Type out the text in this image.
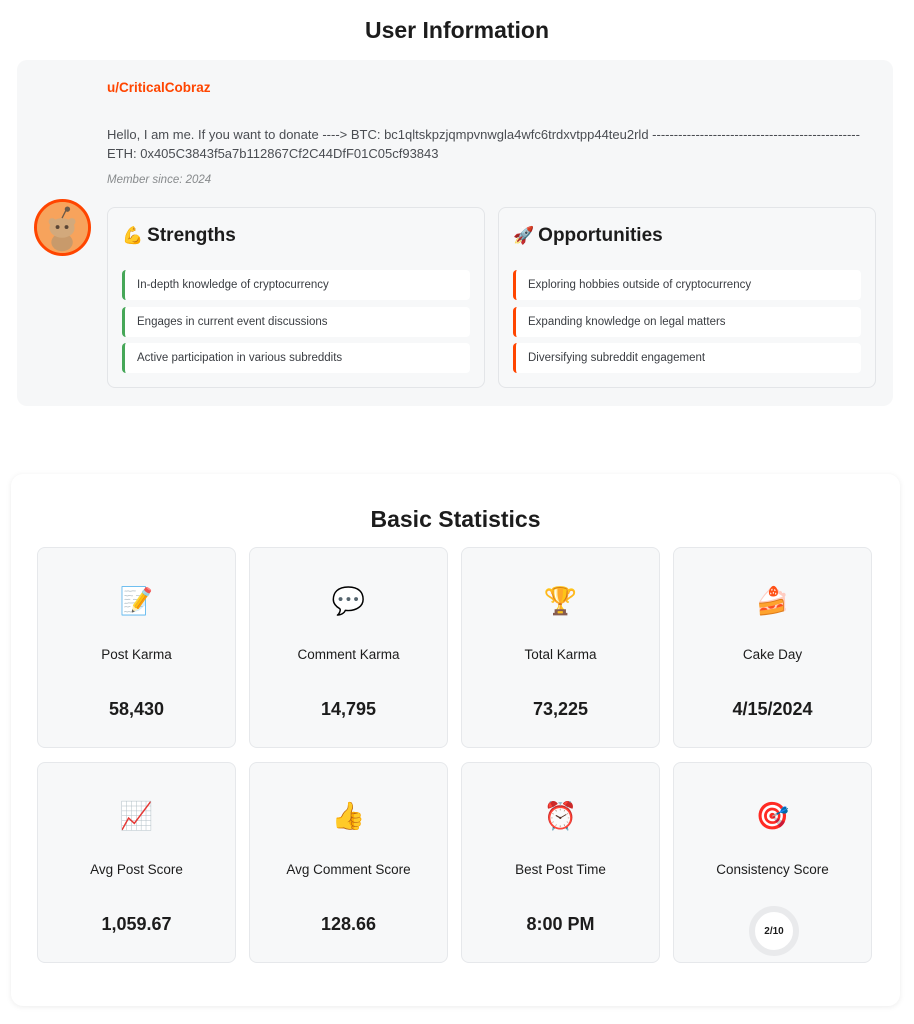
User Information
u/CriticalCobraz
Hello, I am me. If you want to donate ----> BTC: bc1qltskpzjqmpvnwgla4wfc6trdxvtpp44teu2rld ------------------------------------------------ ETH: 0x405C3843f5a7b112867Cf2C44DfF01C05cf93843
Member since: 2024
💪 Strengths
In-depth knowledge of cryptocurrency
Engages in current event discussions
Active participation in various subreddits
🚀 Opportunities
Exploring hobbies outside of cryptocurrency
Expanding knowledge on legal matters
Diversifying subreddit engagement
Basic Statistics
📝
Post Karma
58,430
💬
Comment Karma
14,795
🏆
Total Karma
73,225
🍰
Cake Day
4/15/2024
📈
Avg Post Score
1,059.67
👍
Avg Comment Score
128.66
⏰
Best Post Time
8:00 PM
🎯
Consistency Score
2/10
